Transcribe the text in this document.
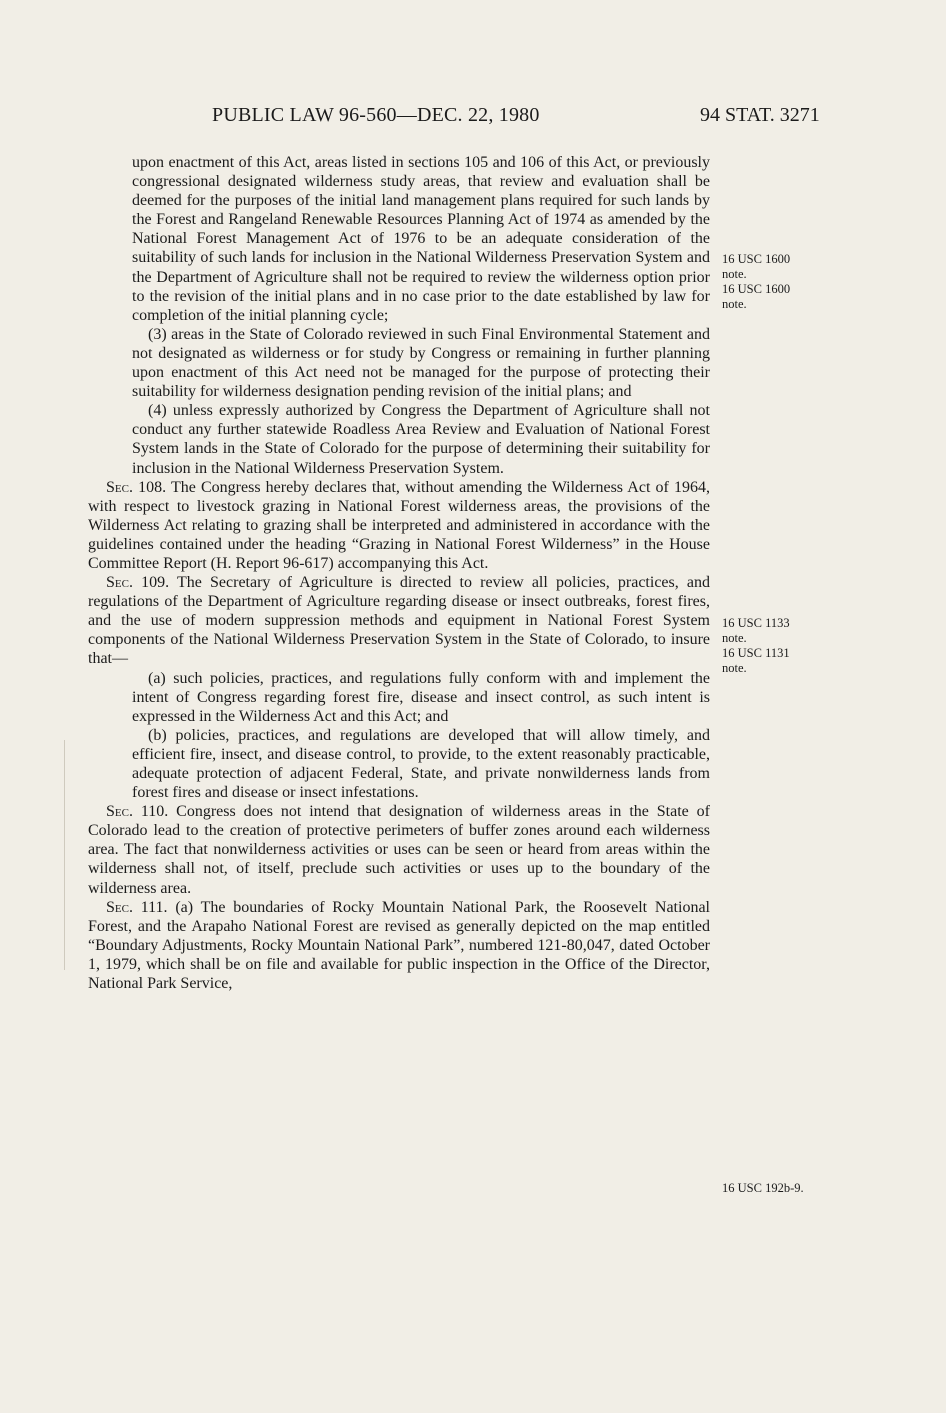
PUBLIC LAW 96-560—DEC. 22, 1980	94 STAT. 3271

upon enactment of this Act, areas listed in sections 105 and 106 of this Act, or previously congressional designated wilderness study areas, that review and evaluation shall be deemed for the purposes of the initial land management plans required for such lands by the Forest and Rangeland Renewable Resources Planning Act of 1974 as amended by the National Forest Management Act of 1976 to be an adequate consideration of the suitability of such lands for inclusion in the National Wilderness Preservation System and the Department of Agriculture shall not be required to review the wilderness option prior to the revision of the initial plans and in no case prior to the date established by law for completion of the initial planning cycle;

(3) areas in the State of Colorado reviewed in such Final Environmental Statement and not designated as wilderness or for study by Congress or remaining in further planning upon enactment of this Act need not be managed for the purpose of protecting their suitability for wilderness designation pending revision of the initial plans; and

(4) unless expressly authorized by Congress the Department of Agriculture shall not conduct any further statewide Roadless Area Review and Evaluation of National Forest System lands in the State of Colorado for the purpose of determining their suitability for inclusion in the National Wilderness Preservation System.

Sec. 108. The Congress hereby declares that, without amending the Wilderness Act of 1964, with respect to livestock grazing in National Forest wilderness areas, the provisions of the Wilderness Act relating to grazing shall be interpreted and administered in accordance with the guidelines contained under the heading “Grazing in National Forest Wilderness” in the House Committee Report (H. Report 96-617) accompanying this Act.

Sec. 109. The Secretary of Agriculture is directed to review all policies, practices, and regulations of the Department of Agriculture regarding disease or insect outbreaks, forest fires, and the use of modern suppression methods and equipment in National Forest System components of the National Wilderness Preservation System in the State of Colorado, to insure that—

(a) such policies, practices, and regulations fully conform with and implement the intent of Congress regarding forest fire, disease and insect control, as such intent is expressed in the Wilderness Act and this Act; and

(b) policies, practices, and regulations are developed that will allow timely, and efficient fire, insect, and disease control, to provide, to the extent reasonably practicable, adequate protection of adjacent Federal, State, and private nonwilderness lands from forest fires and disease or insect infestations.

Sec. 110. Congress does not intend that designation of wilderness areas in the State of Colorado lead to the creation of protective perimeters of buffer zones around each wilderness area. The fact that nonwilderness activities or uses can be seen or heard from areas within the wilderness shall not, of itself, preclude such activities or uses up to the boundary of the wilderness area.

Sec. 111. (a) The boundaries of Rocky Mountain National Park, the Roosevelt National Forest, and the Arapaho National Forest are revised as generally depicted on the map entitled “Boundary Adjustments, Rocky Mountain National Park”, numbered 121-80,047, dated October 1, 1979, which shall be on file and available for public inspection in the Office of the Director, National Park Service,

16 USC 1600
note.
16 USC 1600
note.
16 USC 1133
note.
16 USC 1131
note.
16 USC 192b-9.
